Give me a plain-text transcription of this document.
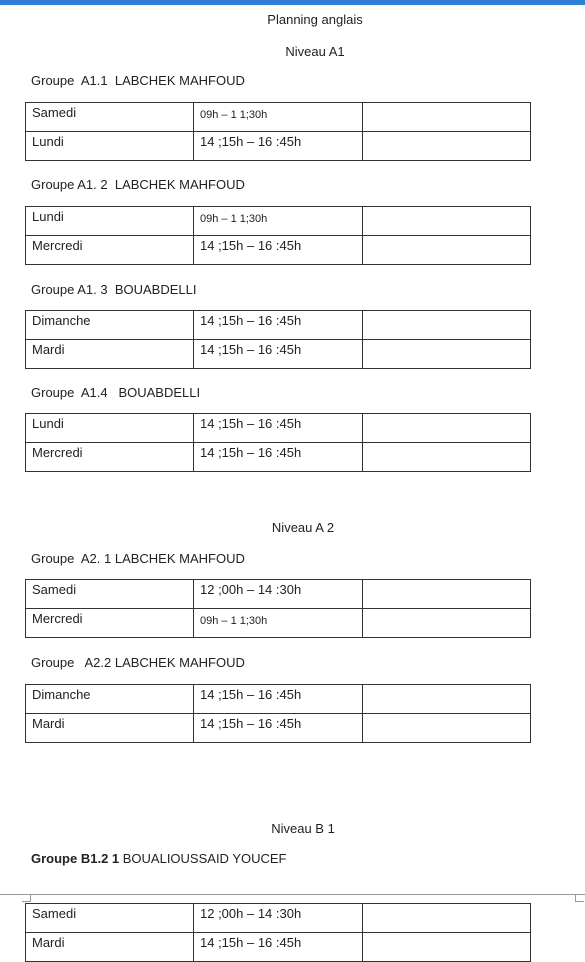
Planning anglais
Niveau A1
Groupe  A1.1  LABCHEK MAHFOUD
Samedi	09h – 1 1;30h	
Lundi	14 ;15h – 16 :45h	
Groupe A1. 2  LABCHEK MAHFOUD
Lundi	09h – 1 1;30h	
Mercredi	14 ;15h – 16 :45h	
Groupe A1. 3  BOUABDELLI
Dimanche	14 ;15h – 16 :45h	
Mardi	14 ;15h – 16 :45h	
Groupe  A1.4   BOUABDELLI
Lundi	14 ;15h – 16 :45h	
Mercredi	14 ;15h – 16 :45h	
Niveau A 2
Groupe  A2. 1 LABCHEK MAHFOUD
Samedi	12 ;00h – 14 :30h	
Mercredi	09h – 1 1;30h	
Groupe   A2.2 LABCHEK MAHFOUD
Dimanche	14 ;15h – 16 :45h	
Mardi	14 ;15h – 16 :45h	
Niveau B 1
Groupe B1.2 1 BOUALIOUSSAID YOUCEF
Samedi	12 ;00h – 14 :30h	
Mardi	14 ;15h – 16 :45h	
